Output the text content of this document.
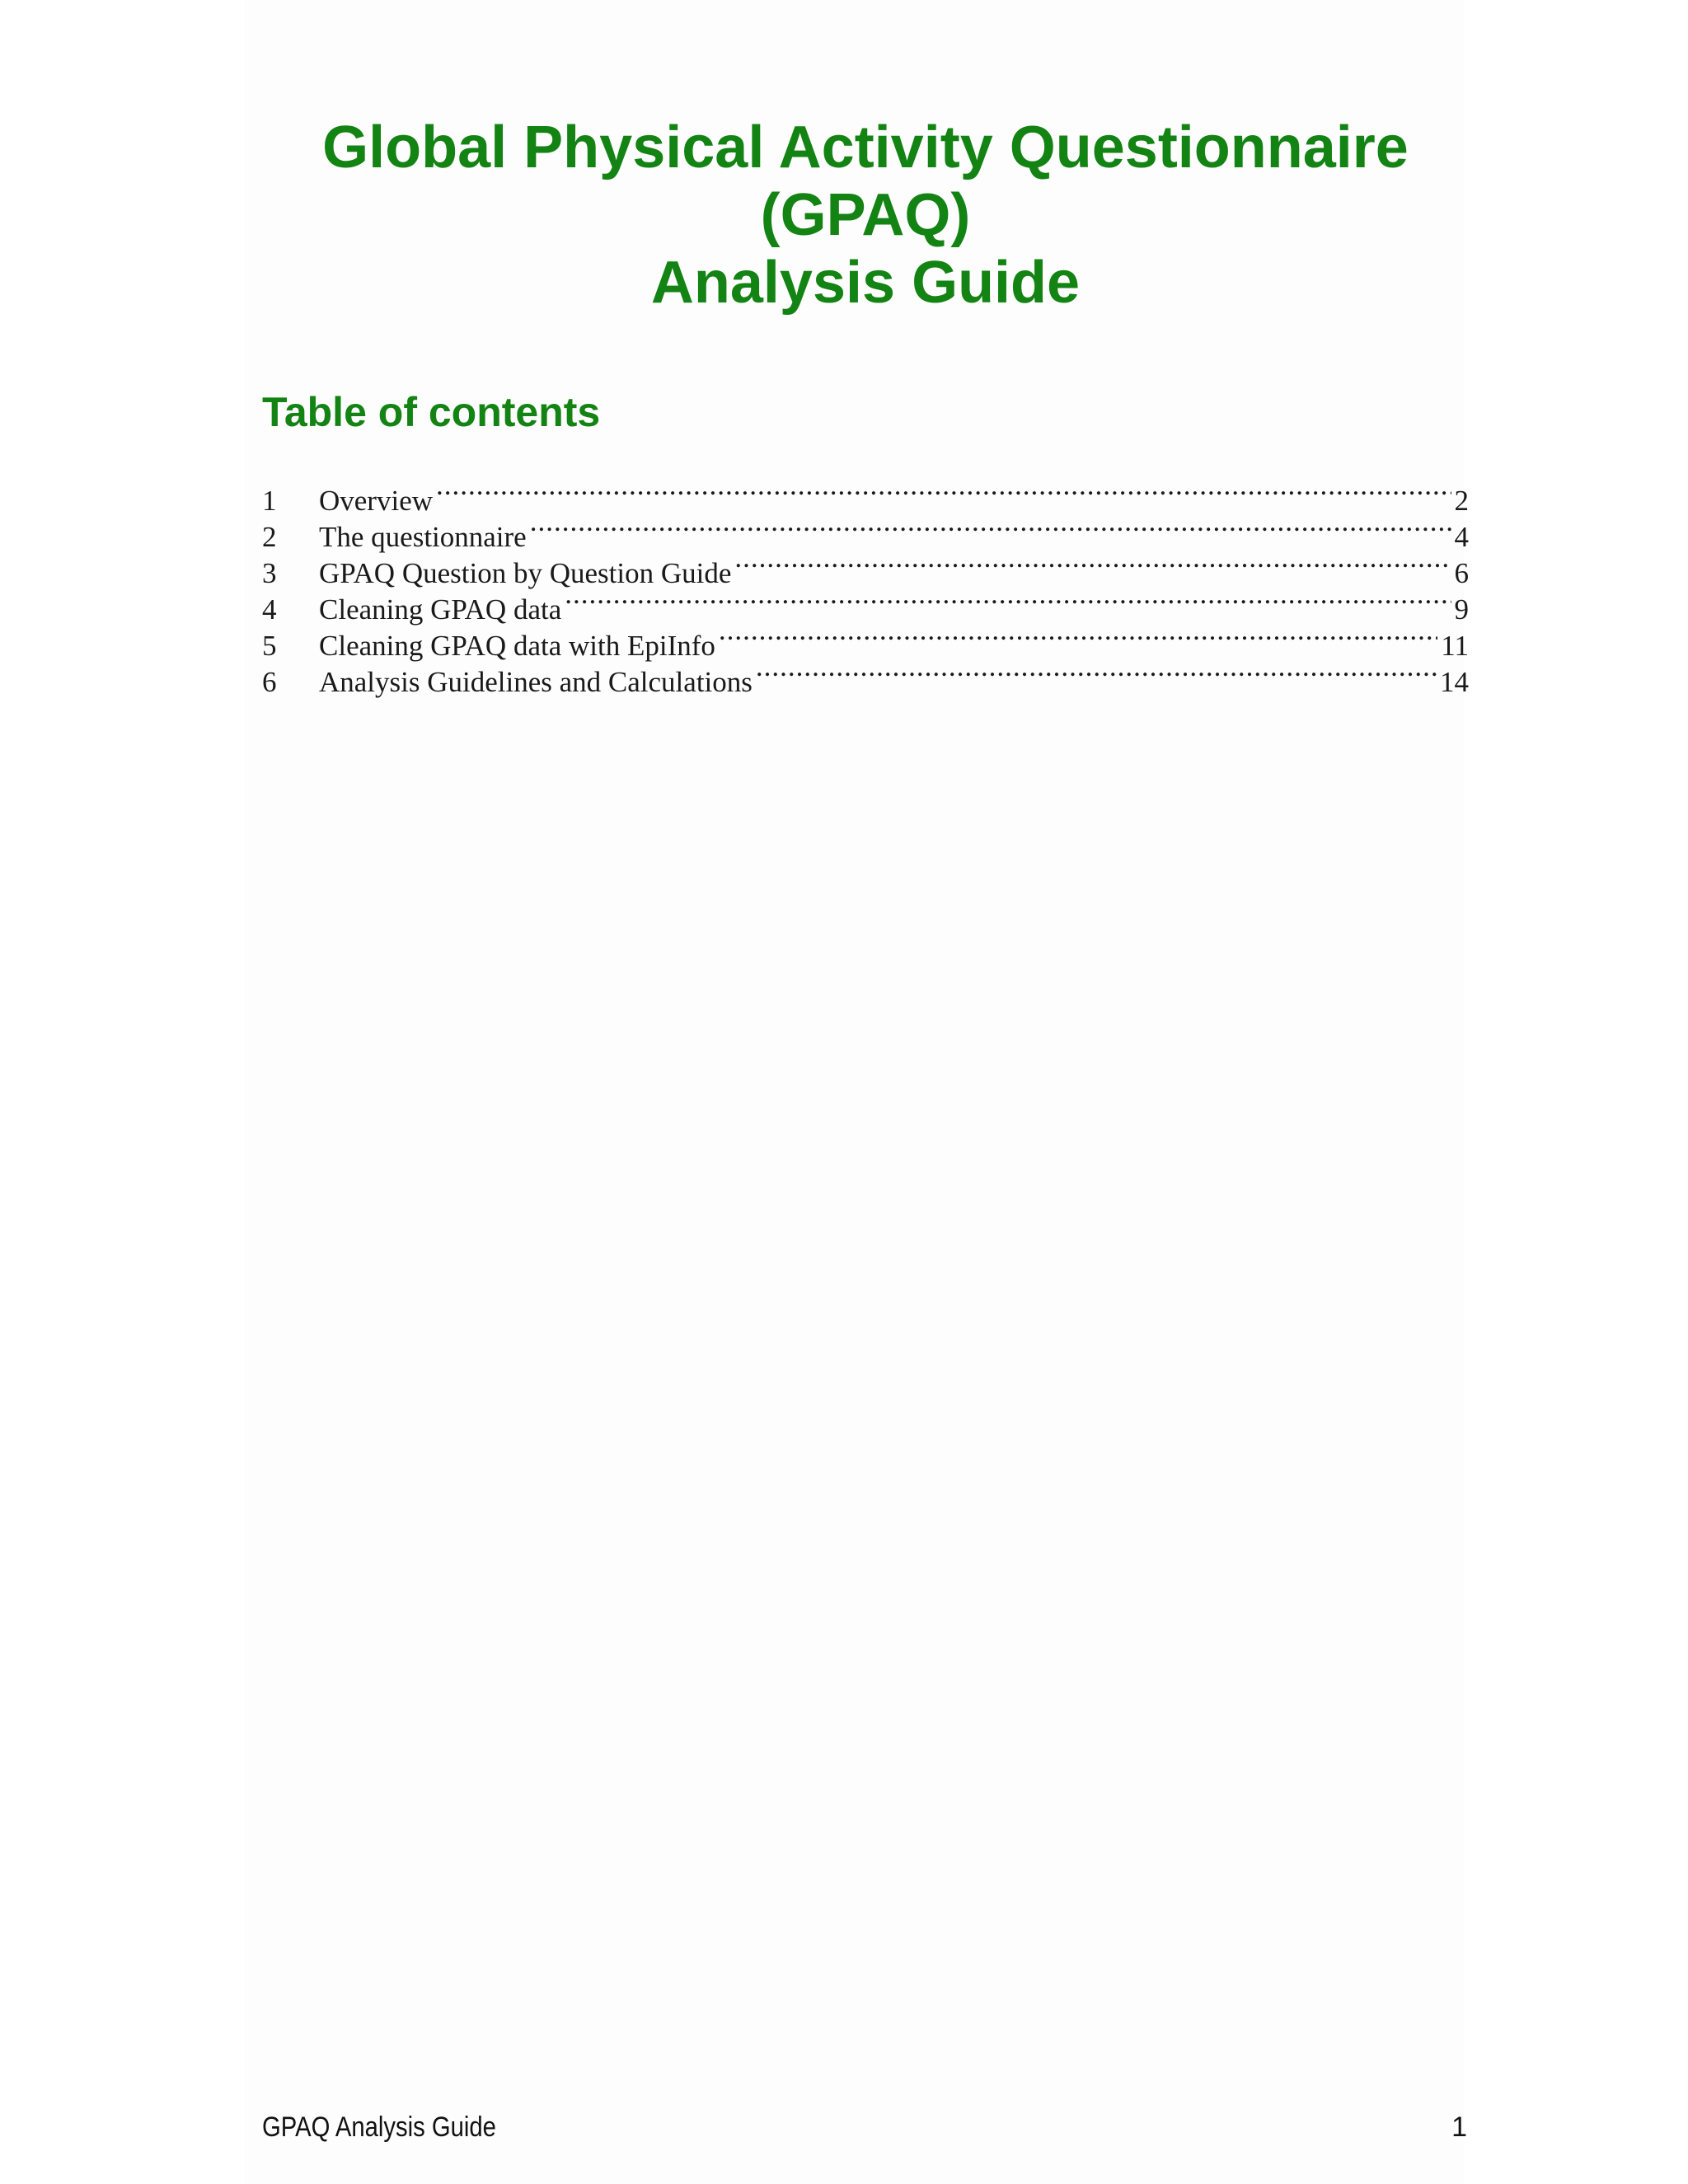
Global Physical Activity Questionnaire
(GPAQ)
Analysis Guide
Table of contents
1	Overview .....	2
2	The questionnaire .....	4
3	GPAQ Question by Question Guide .....	6
4	Cleaning GPAQ data .....	9
5	Cleaning GPAQ data with EpiInfo .....	11
6	Analysis Guidelines and Calculations .....	14

GPAQ Analysis Guide	1
